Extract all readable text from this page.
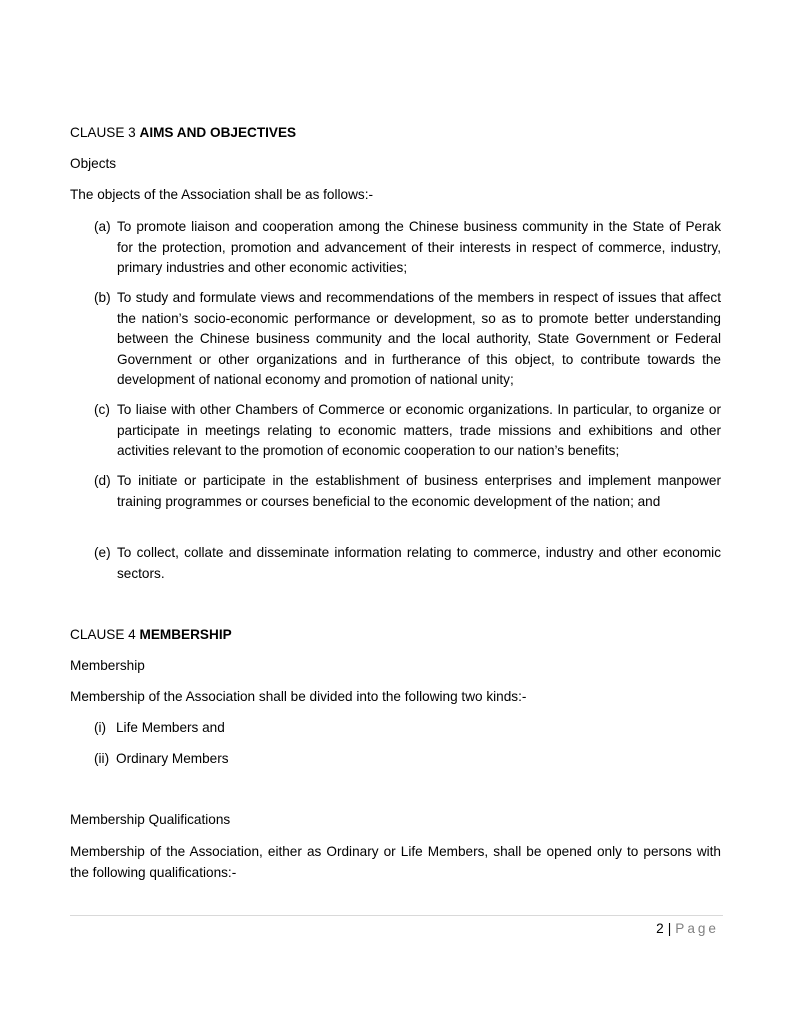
CLAUSE 3 AIMS AND OBJECTIVES

Objects

The objects of the Association shall be as follows:-

(a) To promote liaison and cooperation among the Chinese business community in the State of Perak for the protection, promotion and advancement of their interests in respect of commerce, industry, primary industries and other economic activities;
(b) To study and formulate views and recommendations of the members in respect of issues that affect the nation’s socio-economic performance or development, so as to promote better understanding between the Chinese business community and the local authority, State Government or Federal Government or other organizations and in furtherance of this object, to contribute towards the development of national economy and promotion of national unity;
(c) To liaise with other Chambers of Commerce or economic organizations. In particular, to organize or participate in meetings relating to economic matters, trade missions and exhibitions and other activities relevant to the promotion of economic cooperation to our nation’s benefits;
(d) To initiate or participate in the establishment of business enterprises and implement manpower training programmes or courses beneficial to the economic development of the nation; and
(e) To collect, collate and disseminate information relating to commerce, industry and other economic sectors.

CLAUSE 4 MEMBERSHIP

Membership

Membership of the Association shall be divided into the following two kinds:-

(i) Life Members and
(ii) Ordinary Members

Membership Qualifications

Membership of the Association, either as Ordinary or Life Members, shall be opened only to persons with the following qualifications:-

2 | Page
